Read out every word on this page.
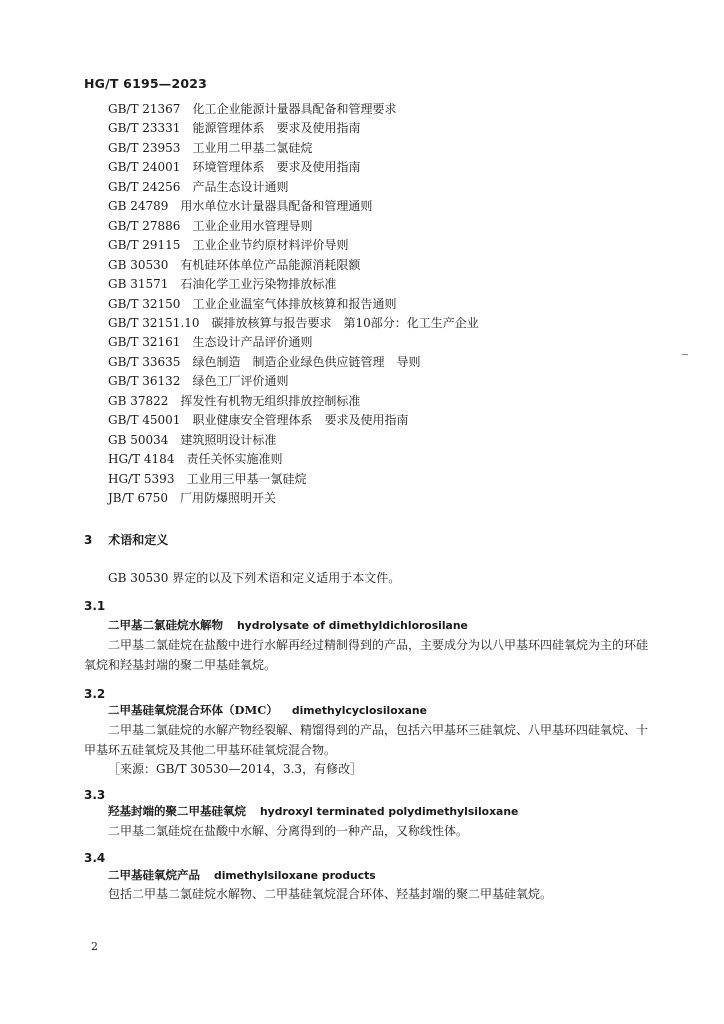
HG/T 6195—2023
GB/T 21367 化工企业能源计量器具配备和管理要求
GB/T 23331 能源管理体系　要求及使用指南
GB/T 23953 工业用二甲基二氯硅烷
GB/T 24001 环境管理体系　要求及使用指南
GB/T 24256 产品生态设计通则
GB 24789 用水单位水计量器具配备和管理通则
GB/T 27886 工业企业用水管理导则
GB/T 29115 工业企业节约原材料评价导则
GB 30530 有机硅环体单位产品能源消耗限额
GB 31571 石油化学工业污染物排放标准
GB/T 32150 工业企业温室气体排放核算和报告通则
GB/T 32151.10 碳排放核算与报告要求　第10部分：化工生产企业
GB/T 32161 生态设计产品评价通则
GB/T 33635 绿色制造　制造企业绿色供应链管理　导则
GB/T 36132 绿色工厂评价通则
GB 37822 挥发性有机物无组织排放控制标准
GB/T 45001 职业健康安全管理体系　要求及使用指南
GB 50034 建筑照明设计标准
HG/T 4184 责任关怀实施准则
HG/T 5393 工业用三甲基一氯硅烷
JB/T 6750 厂用防爆照明开关
3 术语和定义
GB 30530 界定的以及下列术语和定义适用于本文件。
3.1
二甲基二氯硅烷水解物 hydrolysate of dimethyldichlorosilane
二甲基二氯硅烷在盐酸中进行水解再经过精制得到的产品，主要成分为以八甲基环四硅氧烷为主的环硅氧烷和羟基封端的聚二甲基硅氧烷。
3.2
二甲基硅氧烷混合环体（DMC） dimethylcyclosiloxane
二甲基二氯硅烷的水解产物经裂解、精馏得到的产品，包括六甲基环三硅氧烷、八甲基环四硅氧烷、十甲基环五硅氧烷及其他二甲基环硅氧烷混合物。
［来源：GB/T 30530—2014，3.3，有修改］
3.3
羟基封端的聚二甲基硅氧烷 hydroxyl terminated polydimethylsiloxane
二甲基二氯硅烷在盐酸中水解、分离得到的一种产品，又称线性体。
3.4
二甲基硅氧烷产品 dimethylsiloxane products
包括二甲基二氯硅烷水解物、二甲基硅氧烷混合环体、羟基封端的聚二甲基硅氧烷。
2
